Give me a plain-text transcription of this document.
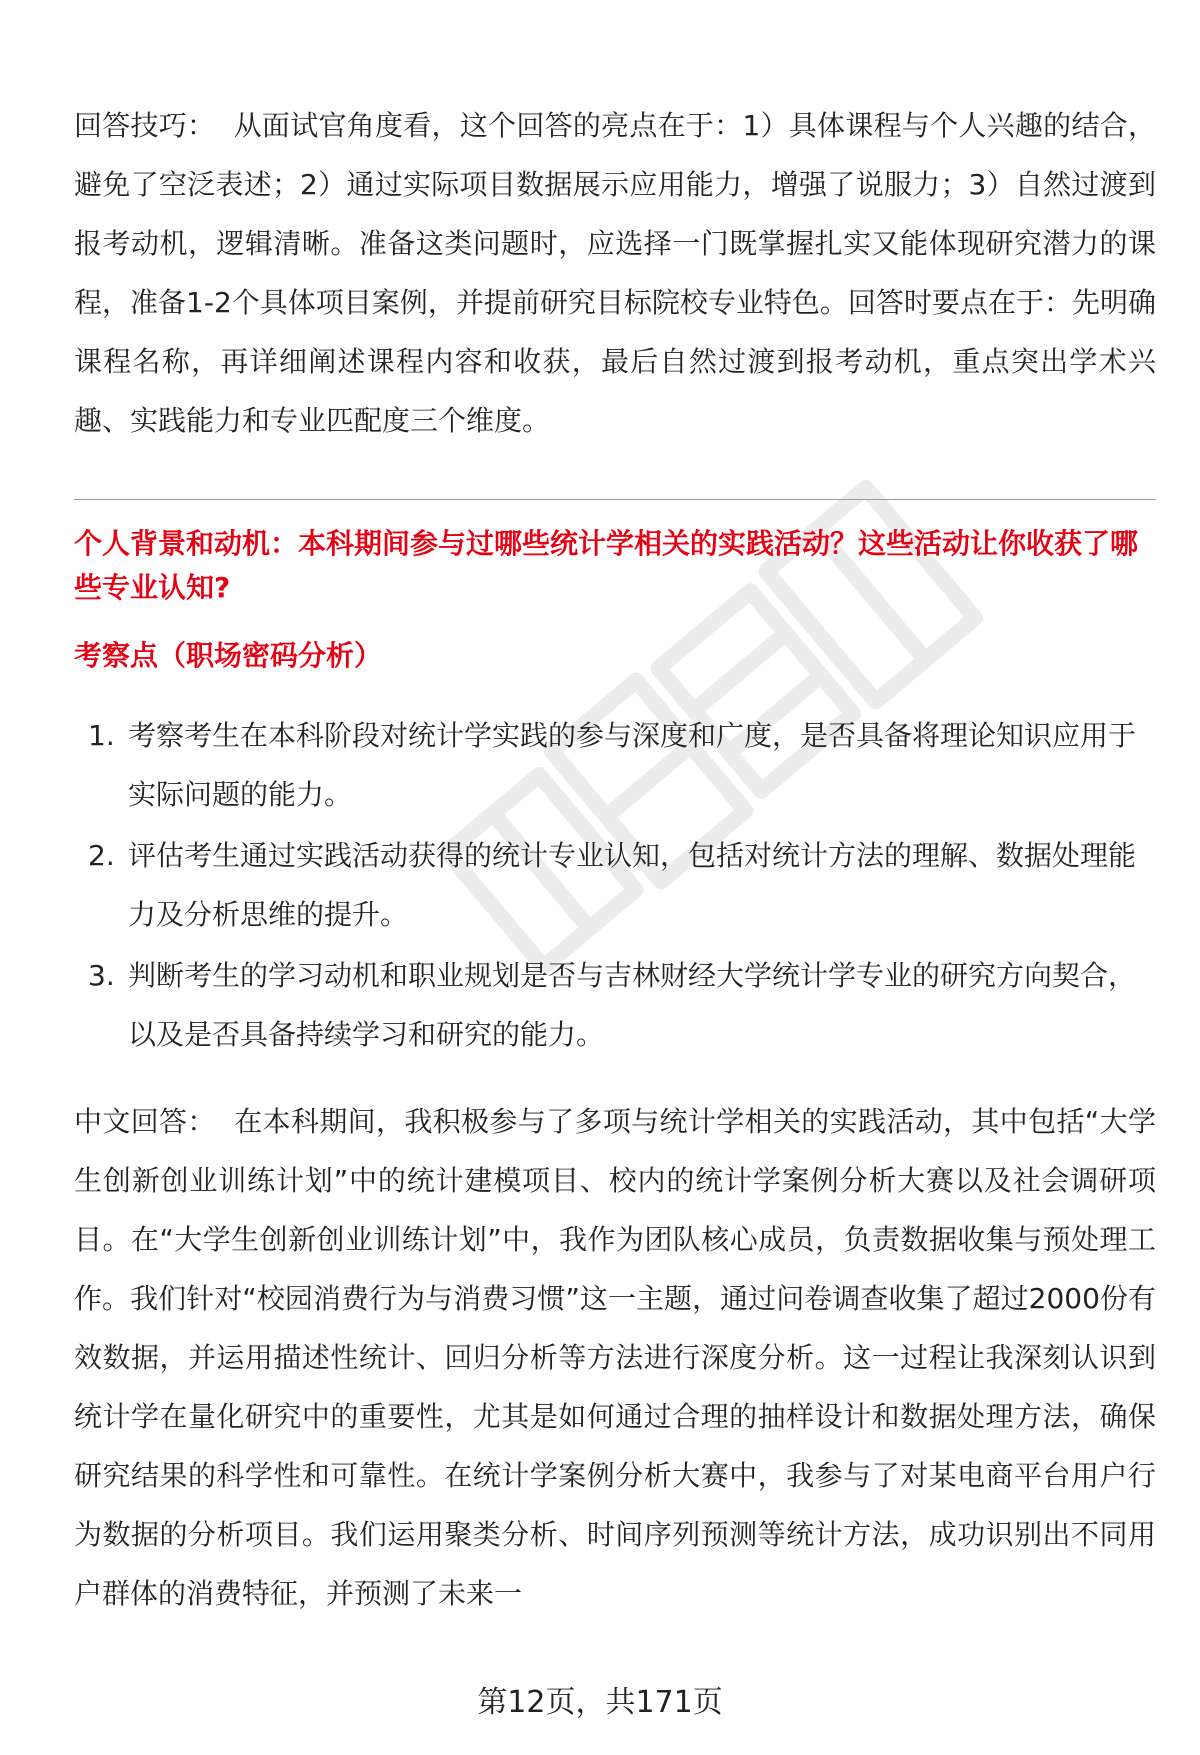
回答技巧： 从面试官角度看，这个回答的亮点在于：1）具体课程与个人兴趣的结合，避免了空泛表述；2）通过实际项目数据展示应用能力，增强了说服力；3）自然过渡到报考动机，逻辑清晰。准备这类问题时，应选择一门既掌握扎实又能体现研究潜力的课程，准备1-2个具体项目案例，并提前研究目标院校专业特色。回答时要点在于：先明确课程名称，再详细阐述课程内容和收获，最后自然过渡到报考动机，重点突出学术兴趣、实践能力和专业匹配度三个维度。

个人背景和动机：本科期间参与过哪些统计学相关的实践活动？这些活动让你收获了哪些专业认知?

考察点（职场密码分析）

1. 考察考生在本科阶段对统计学实践的参与深度和广度，是否具备将理论知识应用于实际问题的能力。
2. 评估考生通过实践活动获得的统计专业认知，包括对统计方法的理解、数据处理能力及分析思维的提升。
3. 判断考生的学习动机和职业规划是否与吉林财经大学统计学专业的研究方向契合，以及是否具备持续学习和研究的能力。

中文回答： 在本科期间，我积极参与了多项与统计学相关的实践活动，其中包括“大学生创新创业训练计划”中的统计建模项目、校内的统计学案例分析大赛以及社会调研项目。在“大学生创新创业训练计划”中，我作为团队核心成员，负责数据收集与预处理工作。我们针对“校园消费行为与消费习惯”这一主题，通过问卷调查收集了超过2000份有效数据，并运用描述性统计、回归分析等方法进行深度分析。这一过程让我深刻认识到统计学在量化研究中的重要性，尤其是如何通过合理的抽样设计和数据处理方法，确保研究结果的科学性和可靠性。在统计学案例分析大赛中，我参与了对某电商平台用户行为数据的分析项目。我们运用聚类分析、时间序列预测等统计方法，成功识别出不同用户群体的消费特征，并预测了未来一

第12页，共171页
